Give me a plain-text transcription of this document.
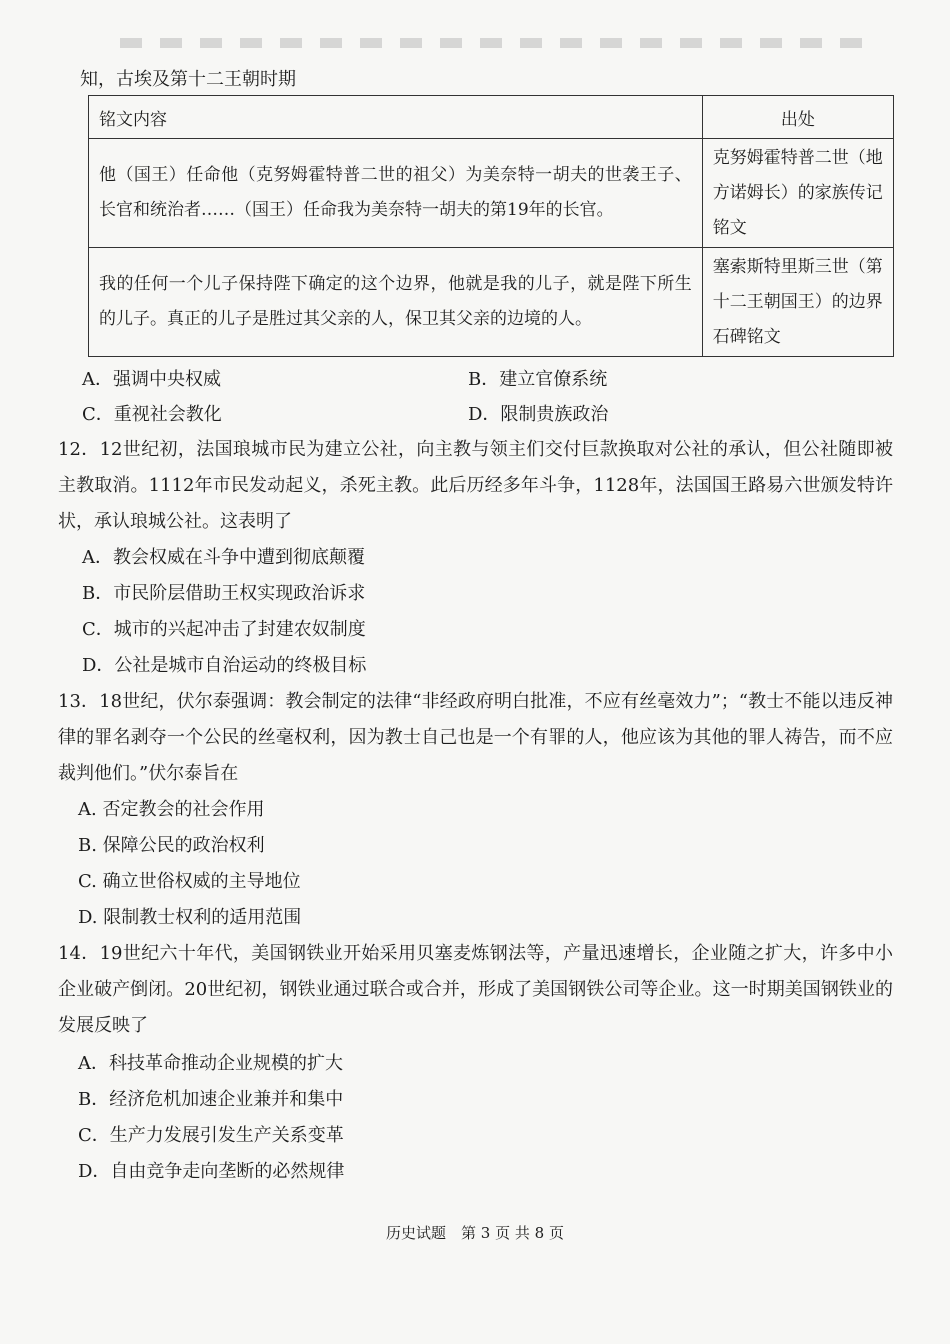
知，古埃及第十二王朝时期
铭文内容	出处
他（国王）任命他（克努姆霍特普二世的祖父）为美奈特一胡夫的世袭王子、长官和统治者……（国王）任命我为美奈特一胡夫的第19年的长官。	克努姆霍特普二世（地方诺姆长）的家族传记铭文
我的任何一个儿子保持陛下确定的这个边界，他就是我的儿子，就是陛下所生的儿子。真正的儿子是胜过其父亲的人，保卫其父亲的边境的人。	塞索斯特里斯三世（第十二王朝国王）的边界石碑铭文
A．强调中央权威	B．建立官僚系统
C．重视社会教化	D．限制贵族政治
12．12世纪初，法国琅城市民为建立公社，向主教与领主们交付巨款换取对公社的承认，但公社随即被主教取消。1112年市民发动起义，杀死主教。此后历经多年斗争，1128年，法国国王路易六世颁发特许状，承认琅城公社。这表明了
A．教会权威在斗争中遭到彻底颠覆
B．市民阶层借助王权实现政治诉求
C．城市的兴起冲击了封建农奴制度
D．公社是城市自治运动的终极目标
13．18世纪，伏尔泰强调：教会制定的法律“非经政府明白批准，不应有丝毫效力”；“教士不能以违反神律的罪名剥夺一个公民的丝毫权利，因为教士自己也是一个有罪的人，他应该为其他的罪人祷告，而不应裁判他们。”伏尔泰旨在
A. 否定教会的社会作用
B. 保障公民的政治权利
C. 确立世俗权威的主导地位
D. 限制教士权利的适用范围
14．19世纪六十年代，美国钢铁业开始采用贝塞麦炼钢法等，产量迅速增长，企业随之扩大，许多中小企业破产倒闭。20世纪初，钢铁业通过联合或合并，形成了美国钢铁公司等企业。这一时期美国钢铁业的发展反映了
A．科技革命推动企业规模的扩大
B．经济危机加速企业兼并和集中
C．生产力发展引发生产关系变革
D．自由竞争走向垄断的必然规律
历史试题　第 3 页 共 8 页
